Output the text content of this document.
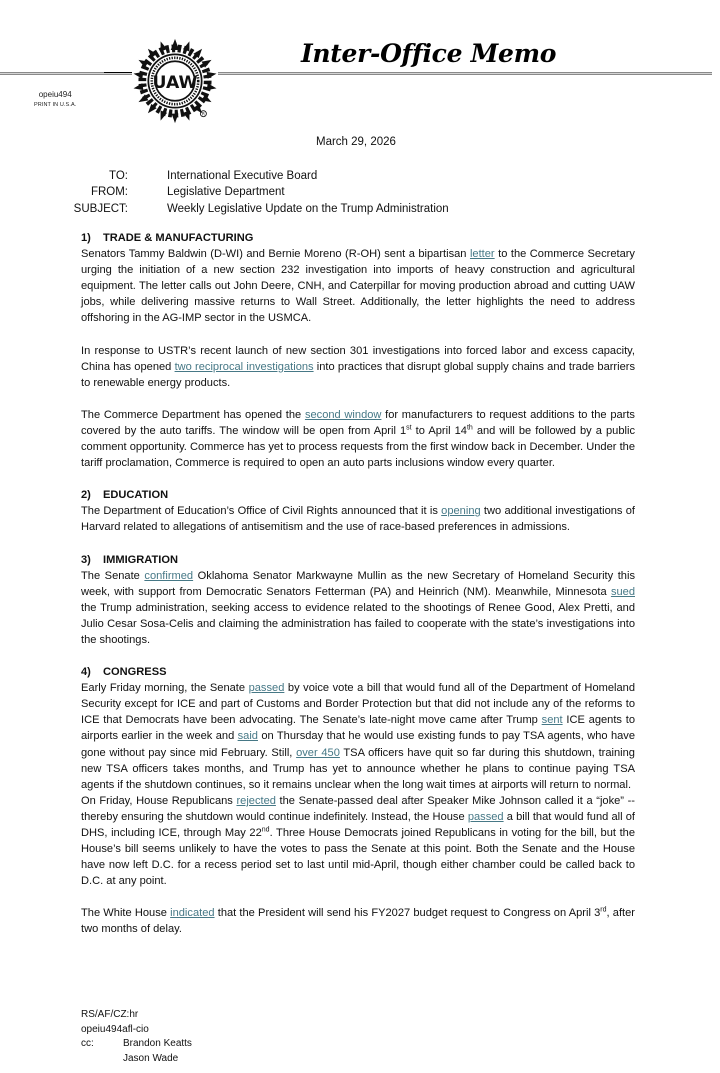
UAW
R
Inter-Office Memo
opeiu494
PRINT IN U.S.A.
March 29, 2026
TO:	International Executive Board
FROM:	Legislative Department
SUBJECT:	Weekly Legislative Update on the Trump Administration
1) TRADE & MANUFACTURING

Senators Tammy Baldwin (D-WI) and Bernie Moreno (R-OH) sent a bipartisan letter to the Commerce Secretary urging the initiation of a new section 232 investigation into imports of heavy construction and agricultural equipment. The letter calls out John Deere, CNH, and Caterpillar for moving production abroad and cutting UAW jobs, while delivering massive returns to Wall Street. Additionally, the letter highlights the need to address offshoring in the AG-IMP sector in the USMCA.

In response to USTR’s recent launch of new section 301 investigations into forced labor and excess capacity, China has opened two reciprocal investigations into practices that disrupt global supply chains and trade barriers to renewable energy products.

The Commerce Department has opened the second window for manufacturers to request additions to the parts covered by the auto tariffs. The window will be open from April 1st to April 14th and will be followed by a public comment opportunity. Commerce has yet to process requests from the first window back in December. Under the tariff proclamation, Commerce is required to open an auto parts inclusions window every quarter.

2) EDUCATION

The Department of Education’s Office of Civil Rights announced that it is opening two additional investigations of Harvard related to allegations of antisemitism and the use of race-based preferences in admissions.

3) IMMIGRATION

The Senate confirmed Oklahoma Senator Markwayne Mullin as the new Secretary of Homeland Security this week, with support from Democratic Senators Fetterman (PA) and Heinrich (NM). Meanwhile, Minnesota sued the Trump administration, seeking access to evidence related to the shootings of Renee Good, Alex Pretti, and Julio Cesar Sosa-Celis and claiming the administration has failed to cooperate with the state’s investigations into the shootings.

4) CONGRESS

Early Friday morning, the Senate passed by voice vote a bill that would fund all of the Department of Homeland Security except for ICE and part of Customs and Border Protection but that did not include any of the reforms to ICE that Democrats have been advocating. The Senate’s late-night move came after Trump sent ICE agents to airports earlier in the week and said on Thursday that he would use existing funds to pay TSA agents, who have gone without pay since mid February. Still, over 450 TSA officers have quit so far during this shutdown, training new TSA officers takes months, and Trump has yet to announce whether he plans to continue paying TSA agents if the shutdown continues, so it remains unclear when the long wait times at airports will return to normal.

On Friday, House Republicans rejected the Senate-passed deal after Speaker Mike Johnson called it a “joke” -- thereby ensuring the shutdown would continue indefinitely. Instead, the House passed a bill that would fund all of DHS, including ICE, through May 22nd. Three House Democrats joined Republicans in voting for the bill, but the House’s bill seems unlikely to have the votes to pass the Senate at this point. Both the Senate and the House have now left D.C. for a recess period set to last until mid-April, though either chamber could be called back to D.C. at any point.

The White House indicated that the President will send his FY2027 budget request to Congress on April 3rd, after two months of delay.

RS/AF/CZ:hr
opeiu494afl-cio
cc:	Brandon Keatts
Jason Wade
